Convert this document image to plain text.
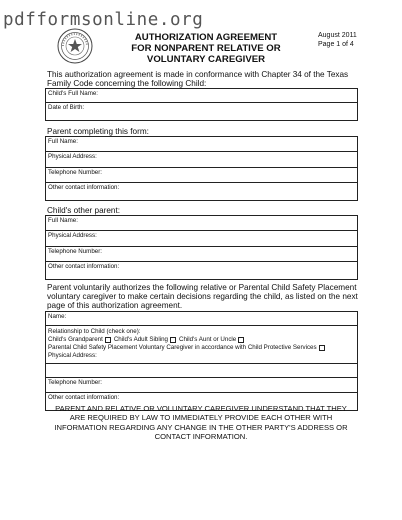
pdfformsonline.org
AUTHORIZATION AGREEMENT
FOR NONPARENT RELATIVE OR
VOLUNTARY CAREGIVER
August 2011
Page 1 of 4
This authorization agreement is made in conformance with Chapter 34 of the Texas Family Code concerning the following Child:
Child's Full Name:
Date of Birth:
Parent completing this form:
Full Name:
Physical Address:
Telephone Number:
Other contact information:
Child's other parent:
Full Name:
Physical Address:
Telephone Number:
Other contact information:
Parent voluntarily authorizes the following relative or Parental Child Safety Placement voluntary caregiver to make certain decisions regarding the child, as listed on the next page of this authorization agreement.
Name:
Relationship to Child (check one):
Child's Grandparent Child's Adult Sibling Child's Aunt or Uncle
Parental Child Safety Placement Voluntary Caregiver in accordance with Child Protective Services
Physical Address:
Telephone Number:
Other contact information:
PARENT AND RELATIVE OR VOLUNTARY CAREGIVER UNDERSTAND THAT THEY ARE REQUIRED BY LAW TO IMMEDIATELY PROVIDE EACH OTHER WITH INFORMATION REGARDING ANY CHANGE IN THE OTHER PARTY'S ADDRESS OR CONTACT INFORMATION.
